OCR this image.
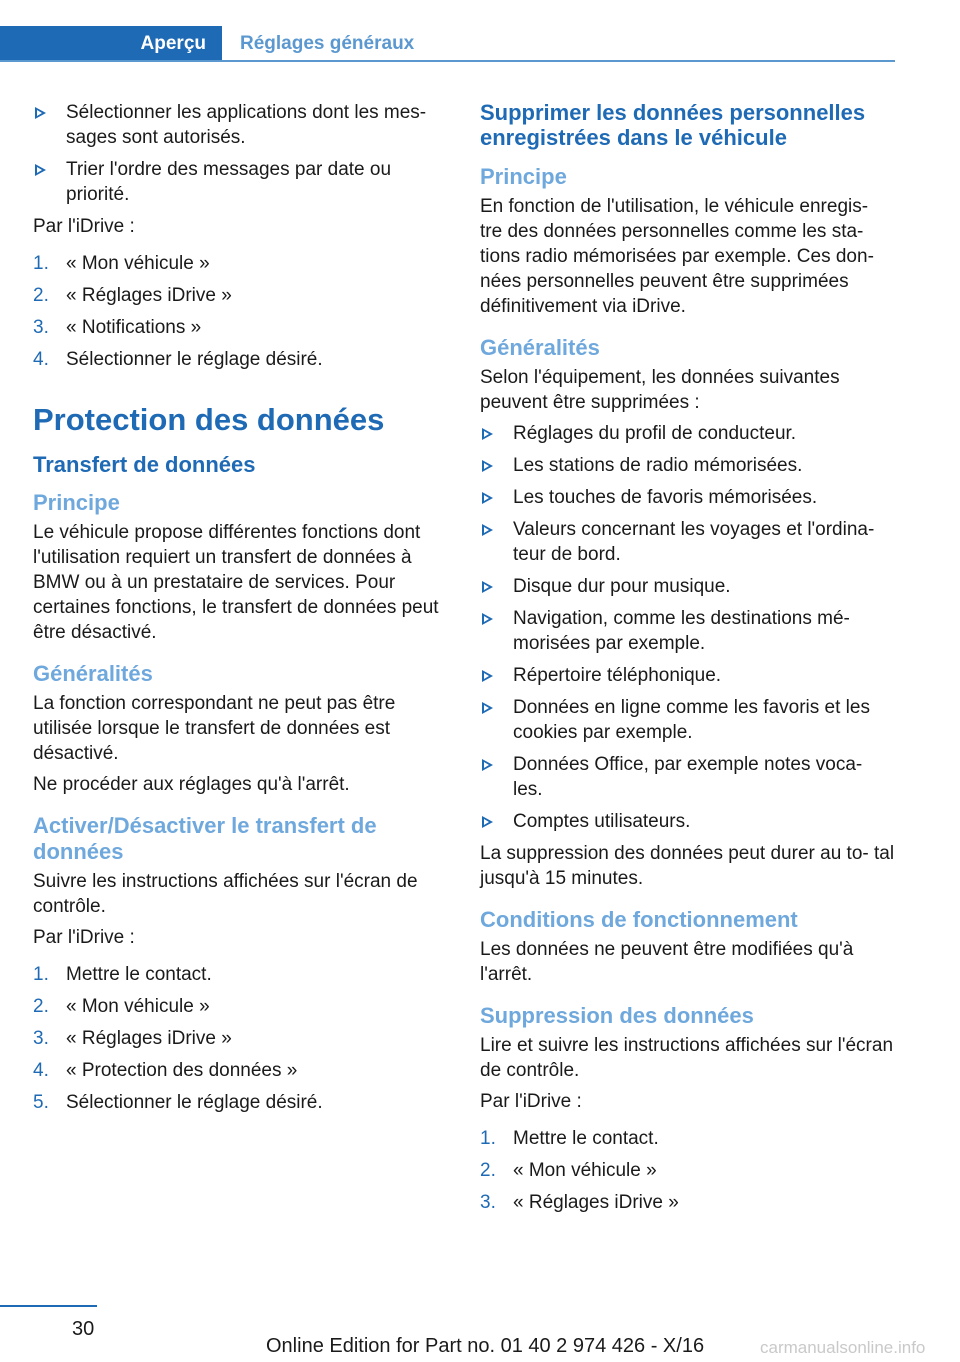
Aperçu Réglages généraux
Sélectionner les applications dont les mes‐ sages sont autorisés.
Trier l'ordre des messages par date ou priorité.

Par l'iDrive :

1. « Mon véhicule »
2. « Réglages iDrive »
3. « Notifications »
4. Sélectionner le réglage désiré.
Protection des données
Transfert de données
Principe

Le véhicule propose différentes fonctions dont l'utilisation requiert un transfert de données à BMW ou à un prestataire de services. Pour certaines fonctions, le transfert de données peut être désactivé.

Généralités

La fonction correspondant ne peut pas être utilisée lorsque le transfert de données est désactivé.

Ne procéder aux réglages qu'à l'arrêt.

Activer/Désactiver le transfert de données

Suivre les instructions affichées sur l'écran de contrôle.

Par l'iDrive :

1. Mettre le contact.
2. « Mon véhicule »
3. « Réglages iDrive »
4. « Protection des données »
5. Sélectionner le réglage désiré.
Supprimer les données personnelles enregistrées dans le véhicule
Principe

En fonction de l'utilisation, le véhicule enregis‐ tre des données personnelles comme les sta‐ tions radio mémorisées par exemple. Ces don‐ nées personnelles peuvent être supprimées définitivement via iDrive.

Généralités

Selon l'équipement, les données suivantes peuvent être supprimées :

Réglages du profil de conducteur.
Les stations de radio mémorisées.
Les touches de favoris mémorisées.
Valeurs concernant les voyages et l'ordina‐ teur de bord.
Disque dur pour musique.
Navigation, comme les destinations mé‐ morisées par exemple.
Répertoire téléphonique.
Données en ligne comme les favoris et les cookies par exemple.
Données Office, par exemple notes voca‐ les.
Comptes utilisateurs.

La suppression des données peut durer au to‐ tal jusqu'à 15 minutes.

Conditions de fonctionnement

Les données ne peuvent être modifiées qu'à l'arrêt.

Suppression des données

Lire et suivre les instructions affichées sur l'écran de contrôle.

Par l'iDrive :

1. Mettre le contact.
2. « Mon véhicule »
3. « Réglages iDrive »
30
Online Edition for Part no. 01 40 2 974 426 - X/16	carmanualsonline.info
